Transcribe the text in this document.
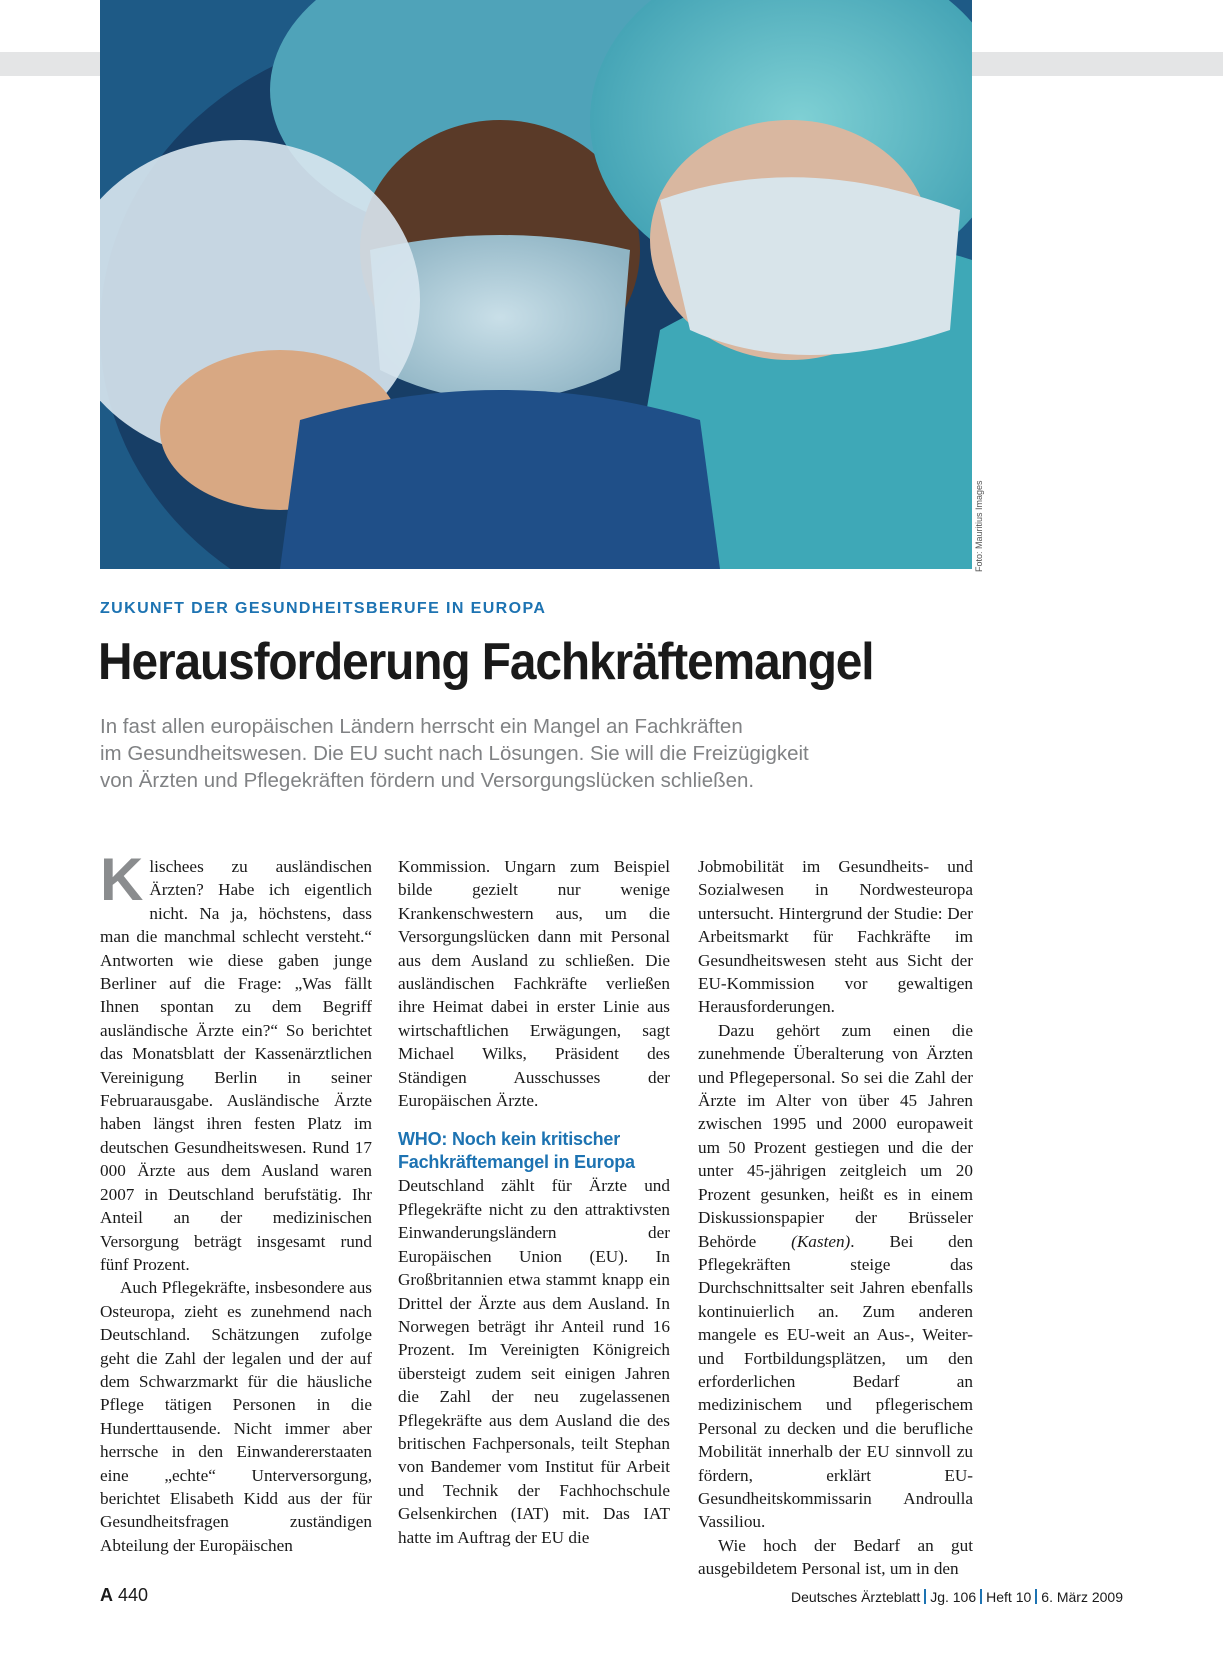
Foto: Mauritius Images
ZUKUNFT DER GESUNDHEITSBERUFE IN EUROPA
Herausforderung Fachkräftemangel
In fast allen europäischen Ländern herrscht ein Mangel an Fachkräften
im Gesundheitswesen. Die EU sucht nach Lösungen. Sie will die Freizügigkeit
von Ärzten und Pflegekräften fördern und Versorgungslücken schließen.

Klischees zu ausländischen Ärzten? Habe ich eigentlich nicht. Na ja, höchstens, dass man die manchmal schlecht versteht.“ Antworten wie diese gaben junge Berliner auf die Frage: „Was fällt Ihnen spontan zu dem Begriff ausländische Ärzte ein?“ So berichtet das Monatsblatt der Kassenärztlichen Vereinigung Berlin in seiner Februarausgabe. Ausländische Ärzte haben längst ihren festen Platz im deutschen Gesundheitswesen. Rund 17 000 Ärzte aus dem Ausland waren 2007 in Deutschland berufstätig. Ihr Anteil an der medizinischen Versorgung beträgt insgesamt rund fünf Prozent.

Auch Pflegekräfte, insbesondere aus Osteuropa, zieht es zunehmend nach Deutschland. Schätzungen zufolge geht die Zahl der legalen und der auf dem Schwarzmarkt für die häusliche Pflege tätigen Personen in die Hunderttausende. Nicht immer aber herrsche in den Einwandererstaaten eine „echte“ Unterversorgung, berichtet Elisabeth Kidd aus der für Gesundheitsfragen zuständigen Abteilung der Europäischen

Kommission. Ungarn zum Beispiel bilde gezielt nur wenige Krankenschwestern aus, um die Versorgungslücken dann mit Personal aus dem Ausland zu schließen. Die ausländischen Fachkräfte verließen ihre Heimat dabei in erster Linie aus wirtschaftlichen Erwägungen, sagt Michael Wilks, Präsident des Ständigen Ausschusses der Europäischen Ärzte.

WHO: Noch kein kritischer Fachkräftemangel in Europa

Deutschland zählt für Ärzte und Pflegekräfte nicht zu den attraktivsten Einwanderungsländern der Europäischen Union (EU). In Großbritannien etwa stammt knapp ein Drittel der Ärzte aus dem Ausland. In Norwegen beträgt ihr Anteil rund 16 Prozent. Im Vereinigten Königreich übersteigt zudem seit einigen Jahren die Zahl der neu zugelassenen Pflegekräfte aus dem Ausland die des britischen Fachpersonals, teilt Stephan von Bandemer vom Institut für Arbeit und Technik der Fachhochschule Gelsenkirchen (IAT) mit. Das IAT hatte im Auftrag der EU die

Jobmobilität im Gesundheits- und Sozialwesen in Nordwesteuropa untersucht. Hintergrund der Studie: Der Arbeitsmarkt für Fachkräfte im Gesundheitswesen steht aus Sicht der EU-Kommission vor gewaltigen Herausforderungen.

Dazu gehört zum einen die zunehmende Überalterung von Ärzten und Pflegepersonal. So sei die Zahl der Ärzte im Alter von über 45 Jahren zwischen 1995 und 2000 europaweit um 50 Prozent gestiegen und die der unter 45-jährigen zeitgleich um 20 Prozent gesunken, heißt es in einem Diskussionspapier der Brüsseler Behörde (Kasten). Bei den Pflegekräften steige das Durchschnittsalter seit Jahren ebenfalls kontinuierlich an. Zum anderen mangele es EU-weit an Aus-, Weiter- und Fortbildungsplätzen, um den erforderlichen Bedarf an medizinischem und pflegerischem Personal zu decken und die berufliche Mobilität innerhalb der EU sinnvoll zu fördern, erklärt EU-Gesundheitskommissarin Androulla Vassiliou.

Wie hoch der Bedarf an gut ausgebildetem Personal ist, um in den

A 440	Deutsches Ärzteblatt Jg. 106 Heft 10 6. März 2009
